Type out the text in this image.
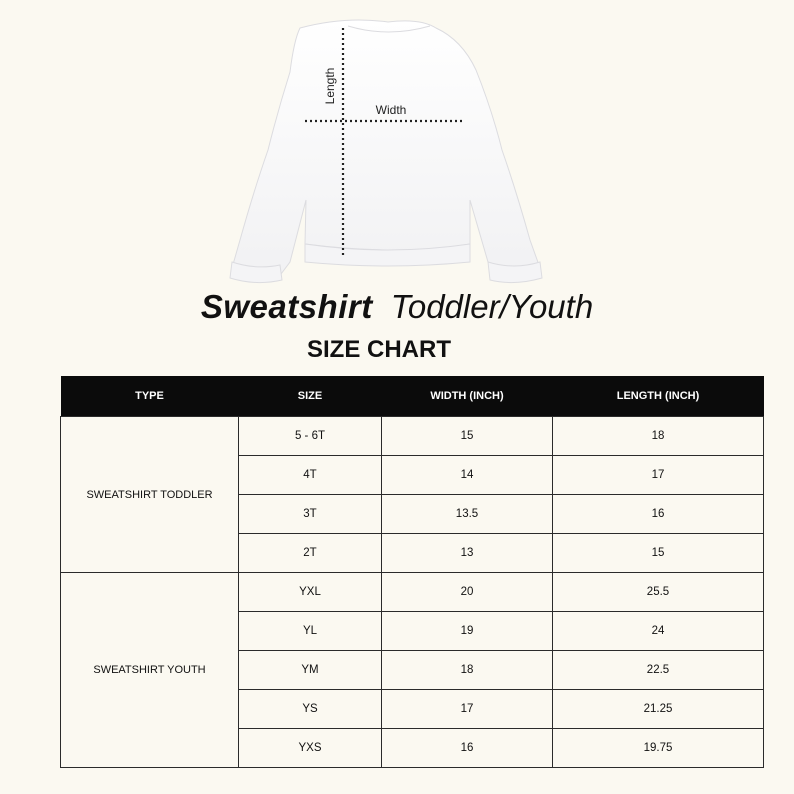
Length
Width
Sweatshirt Toddler/Youth
SIZE CHART
TYPE	SIZE	WIDTH (INCH)	LENGTH (INCH)
SWEATSHIRT TODDLER	5 - 6T	15	18
	4T	14	17
	3T	13.5	16
	2T	13	15
SWEATSHIRT YOUTH	YXL	20	25.5
	YL	19	24
	YM	18	22.5
	YS	17	21.25
	YXS	16	19.75
